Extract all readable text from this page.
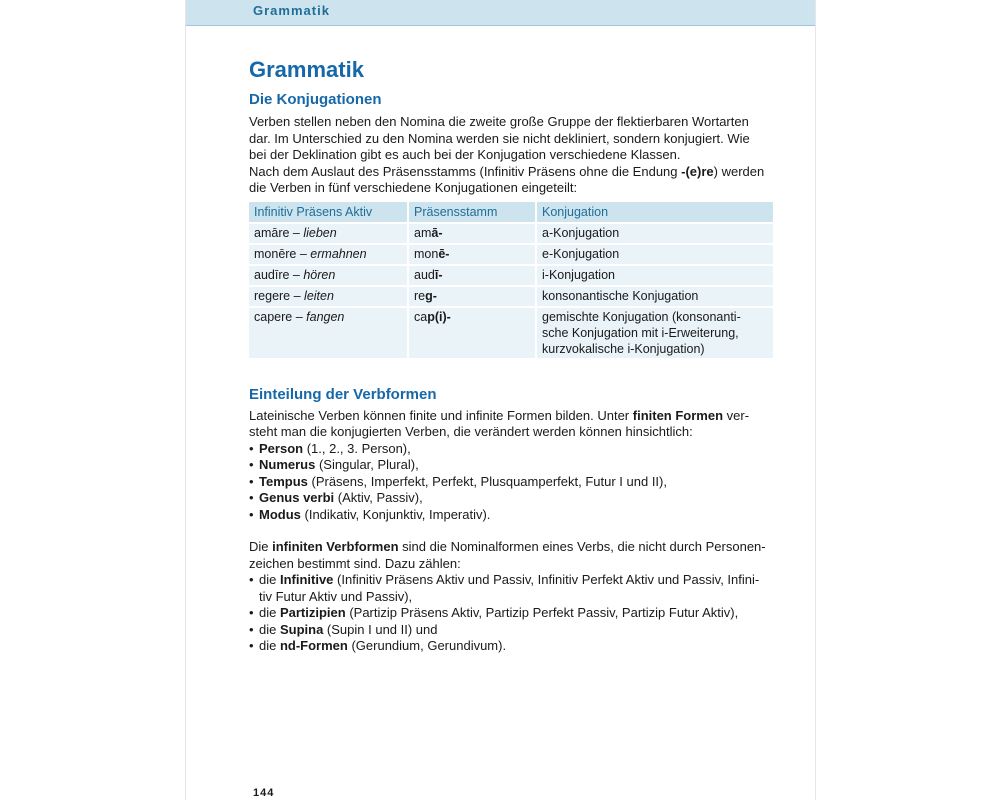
Grammatik
Grammatik
Die Konjugationen
Verben stellen neben den Nomina die zweite große Gruppe der flektierbaren Wortarten
dar. Im Unterschied zu den Nomina werden sie nicht dekliniert, sondern konjugiert. Wie
bei der Deklination gibt es auch bei der Konjugation verschiedene Klassen.
Nach dem Auslaut des Präsensstamms (Infinitiv Präsens ohne die Endung -(e)re) werden
die Verben in fünf verschiedene Konjugationen eingeteilt:
Infinitiv Präsens Aktiv	Präsensstamm	Konjugation
amāre – lieben	amā-	a-Konjugation
monēre – ermahnen	monē-	e-Konjugation
audīre – hören	audī-	i-Konjugation
regere – leiten	reg-	konsonantische Konjugation
capere – fangen	cap(i)-	gemischte Konjugation (konsonanti-
sche Konjugation mit i-Erweiterung,
kurzvokalische i-Konjugation)
Einteilung der Verbformen
Lateinische Verben können finite und infinite Formen bilden. Unter finiten Formen ver-
steht man die konjugierten Verben, die verändert werden können hinsichtlich:
• Person (1., 2., 3. Person),
• Numerus (Singular, Plural),
• Tempus (Präsens, Imperfekt, Perfekt, Plusquamperfekt, Futur I und II),
• Genus verbi (Aktiv, Passiv),
• Modus (Indikativ, Konjunktiv, Imperativ).
Die infiniten Verbformen sind die Nominalformen eines Verbs, die nicht durch Personen-
zeichen bestimmt sind. Dazu zählen:
• die Infinitive (Infinitiv Präsens Aktiv und Passiv, Infinitiv Perfekt Aktiv und Passiv, Infini-
tiv Futur Aktiv und Passiv),
• die Partizipien (Partizip Präsens Aktiv, Partizip Perfekt Passiv, Partizip Futur Aktiv),
• die Supina (Supin I und II) und
• die nd-Formen (Gerundium, Gerundivum).
144
